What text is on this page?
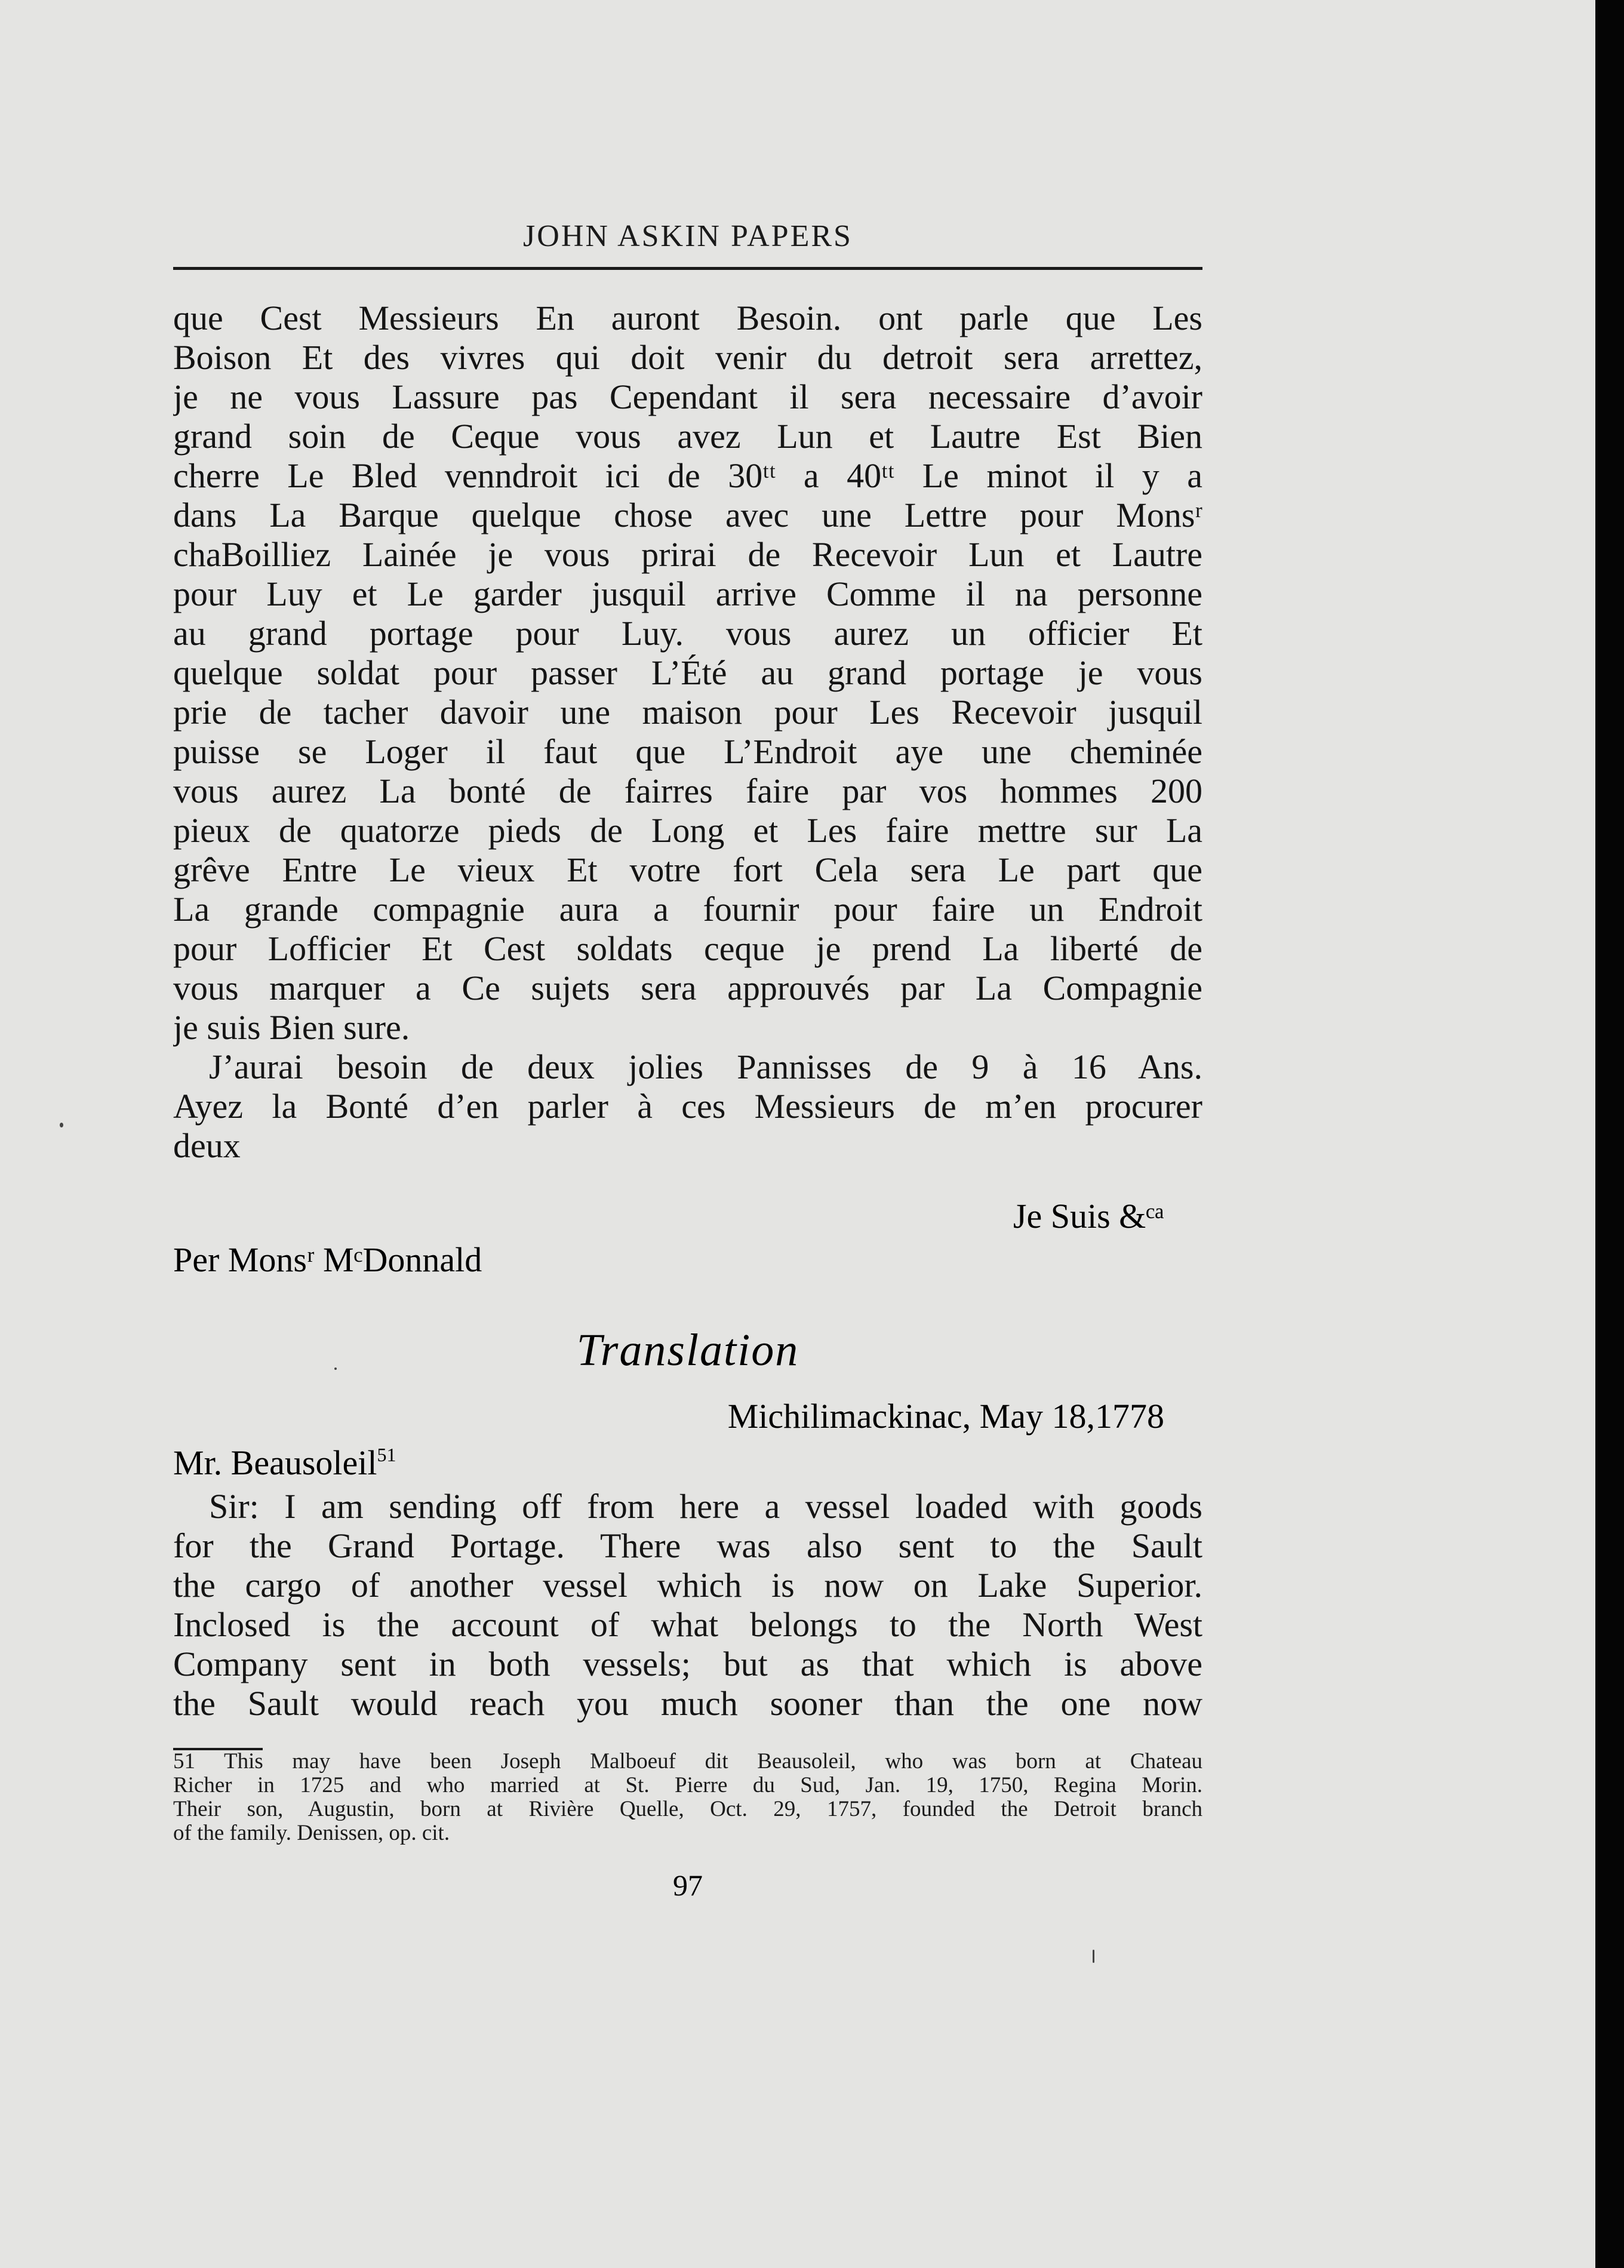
JOHN ASKIN PAPERS
que Cest Messieurs En auront Besoin. ont parle que Les
Boison Et des vivres qui doit venir du detroit sera arrettez,
je ne vous Lassure pas Cependant il sera necessaire d’avoir
grand soin de Ceque vous avez Lun et Lautre Est Bien
cherre Le Bled venndroit ici de 30ᵗᵗ a 40ᵗᵗ Le minot il y a
dans La Barque quelque chose avec une Lettre pour Monsʳ
chaBoilliez Lainée je vous prirai de Recevoir Lun et Lautre
pour Luy et Le garder jusquil arrive Comme il na personne
au grand portage pour Luy. vous aurez un officier Et
quelque soldat pour passer L’Été au grand portage je vous
prie de tacher davoir une maison pour Les Recevoir jusquil
puisse se Loger il faut que L’Endroit aye une cheminée
vous aurez La bonté de fairres faire par vos hommes 200
pieux de quatorze pieds de Long et Les faire mettre sur La
grêve Entre Le vieux Et votre fort Cela sera Le part que
La grande compagnie aura a fournir pour faire un Endroit
pour Lofficier Et Cest soldats ceque je prend La liberté de
vous marquer a Ce sujets sera approuvés par La Compagnie
je suis Bien sure.
J’aurai besoin de deux jolies Pannisses de 9 à 16 Ans.
Ayez la Bonté d’en parler à ces Messieurs de m’en procurer
deux
Je Suis &ᶜᵃ
Per Monsʳ MᶜDonnald
Translation
Michilimackinac, May 18,1778
Mr. Beausoleil$^{51}$
Sir: I am sending off from here a vessel loaded with goods
for the Grand Portage. There was also sent to the Sault
the cargo of another vessel which is now on Lake Superior.
Inclosed is the account of what belongs to the North West
Company sent in both vessels; but as that which is above
the Sault would reach you much sooner than the one now
51 This may have been Joseph Malboeuf dit Beausoleil, who was born at Chateau
Richer in 1725 and who married at St. Pierre du Sud, Jan. 19, 1750, Regina Morin.
Their son, Augustin, born at Rivière Quelle, Oct. 29, 1757, founded the Detroit branch
of the family. Denissen, op. cit.
97
